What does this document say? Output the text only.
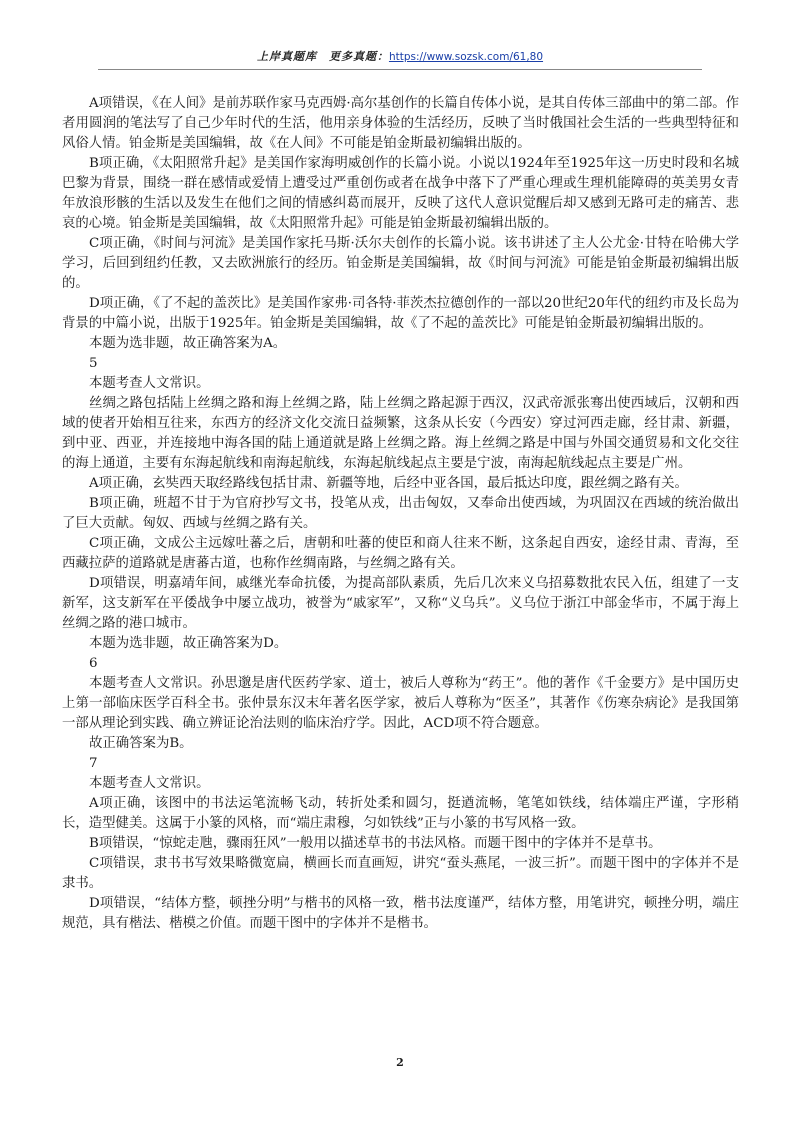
上岸真题库 更多真题：https://www.sozsk.com/61,80

A项错误，《在人间》是前苏联作家马克西姆·高尔基创作的长篇自传体小说，是其自传体三部曲中的第二部。作者用圆润的笔法写了自己少年时代的生活，他用亲身体验的生活经历，反映了当时俄国社会生活的一些典型特征和风俗人情。铂金斯是美国编辑，故《在人间》不可能是铂金斯最初编辑出版的。

B项正确，《太阳照常升起》是美国作家海明威创作的长篇小说。小说以1924年至1925年这一历史时段和名城巴黎为背景，围绕一群在感情或爱情上遭受过严重创伤或者在战争中落下了严重心理或生理机能障碍的英美男女青年放浪形骸的生活以及发生在他们之间的情感纠葛而展开，反映了这代人意识觉醒后却又感到无路可走的痛苦、悲哀的心境。铂金斯是美国编辑，故《太阳照常升起》可能是铂金斯最初编辑出版的。

C项正确，《时间与河流》是美国作家托马斯·沃尔夫创作的长篇小说。该书讲述了主人公尤金·甘特在哈佛大学学习，后回到纽约任教，又去欧洲旅行的经历。铂金斯是美国编辑，故《时间与河流》可能是铂金斯最初编辑出版的。

D项正确，《了不起的盖茨比》是美国作家弗·司各特·菲茨杰拉德创作的一部以20世纪20年代的纽约市及长岛为背景的中篇小说，出版于1925年。铂金斯是美国编辑，故《了不起的盖茨比》可能是铂金斯最初编辑出版的。

本题为选非题，故正确答案为A。

5

本题考查人文常识。

丝绸之路包括陆上丝绸之路和海上丝绸之路，陆上丝绸之路起源于西汉，汉武帝派张骞出使西域后，汉朝和西域的使者开始相互往来，东西方的经济文化交流日益频繁，这条从长安（今西安）穿过河西走廊，经甘肃、新疆，到中亚、西亚，并连接地中海各国的陆上通道就是路上丝绸之路。海上丝绸之路是中国与外国交通贸易和文化交往的海上通道，主要有东海起航线和南海起航线，东海起航线起点主要是宁波，南海起航线起点主要是广州。

A项正确，玄奘西天取经路线包括甘肃、新疆等地，后经中亚各国，最后抵达印度，跟丝绸之路有关。

B项正确，班超不甘于为官府抄写文书，投笔从戎，出击匈奴，又奉命出使西域，为巩固汉在西域的统治做出了巨大贡献。匈奴、西域与丝绸之路有关。

C项正确，文成公主远嫁吐蕃之后，唐朝和吐蕃的使臣和商人往来不断，这条起自西安，途经甘肃、青海，至西藏拉萨的道路就是唐蕃古道，也称作丝绸南路，与丝绸之路有关。

D项错误，明嘉靖年间，戚继光奉命抗倭，为提高部队素质，先后几次来义乌招募数批农民入伍，组建了一支新军，这支新军在平倭战争中屡立战功，被誉为“戚家军”，又称“义乌兵”。义乌位于浙江中部金华市，不属于海上丝绸之路的港口城市。

本题为选非题，故正确答案为D。

6

本题考查人文常识。孙思邈是唐代医药学家、道士，被后人尊称为“药王”。他的著作《千金要方》是中国历史上第一部临床医学百科全书。张仲景东汉末年著名医学家，被后人尊称为“医圣”，其著作《伤寒杂病论》是我国第一部从理论到实践、确立辨证论治法则的临床治疗学。因此，ACD项不符合题意。

故正确答案为B。

7

本题考查人文常识。

A项正确，该图中的书法运笔流畅飞动，转折处柔和圆匀，挺遒流畅，笔笔如铁线，结体端庄严谨，字形稍长，造型健美。这属于小篆的风格，而“端庄肃穆，匀如铁线”正与小篆的书写风格一致。

B项错误，“惊蛇走虺，骤雨狂风”一般用以描述草书的书法风格。而题干图中的字体并不是草书。

C项错误，隶书书写效果略微宽扁，横画长而直画短，讲究“蚕头燕尾，一波三折”。而题干图中的字体并不是隶书。

D项错误，“结体方整，顿挫分明”与楷书的风格一致，楷书法度谨严，结体方整，用笔讲究，顿挫分明，端庄规范，具有楷法、楷模之价值。而题干图中的字体并不是楷书。

2
